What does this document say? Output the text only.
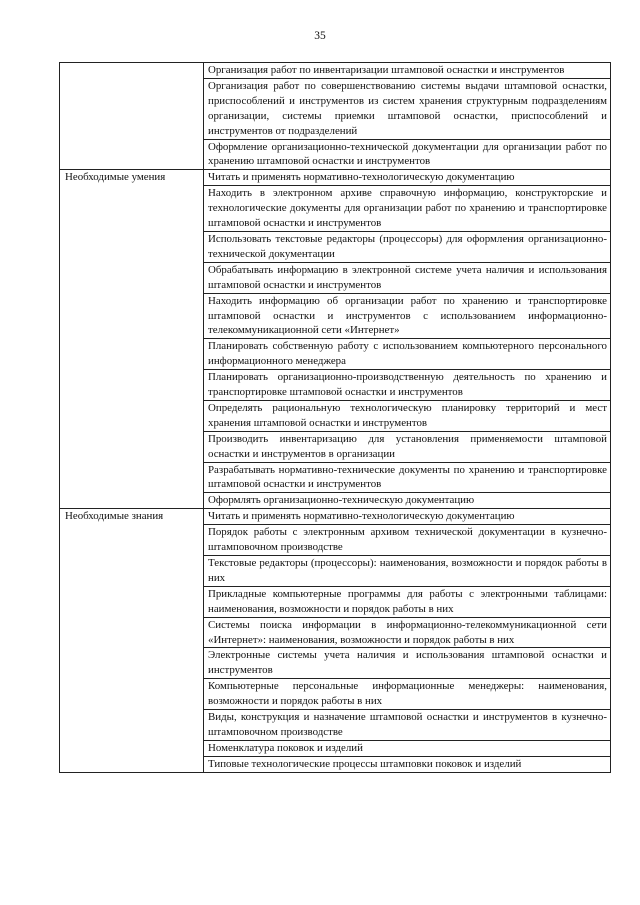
35
	Организация работ по инвентаризации штамповой оснастки и инструментов
	Организация работ по совершенствованию системы выдачи штамповой оснастки, приспособлений и инструментов из систем хранения структурным подразделениям организации, системы приемки штамповой оснастки, приспособлений и инструментов от подразделений
	Оформление организационно-технической документации для организации работ по хранению штамповой оснастки и инструментов
Необходимые умения	Читать и применять нормативно-технологическую документацию
	Находить в электронном архиве справочную информацию, конструкторские и технологические документы для организации работ по хранению и транспортировке штамповой оснастки и инструментов
	Использовать текстовые редакторы (процессоры) для оформления организационно-технической документации
	Обрабатывать информацию в электронной системе учета наличия и использования штамповой оснастки и инструментов
	Находить информацию об организации работ по хранению и транспортировке штамповой оснастки и инструментов с использованием информационно-телекоммуникационной сети «Интернет»
	Планировать собственную работу с использованием компьютерного персонального информационного менеджера
	Планировать организационно-производственную деятельность по хранению и транспортировке штамповой оснастки и инструментов
	Определять рациональную технологическую планировку территорий и мест хранения штамповой оснастки и инструментов
	Производить инвентаризацию для установления применяемости штамповой оснастки и инструментов в организации
	Разрабатывать нормативно-технические документы по хранению и транспортировке штамповой оснастки и инструментов
	Оформлять организационно-техническую документацию
Необходимые знания	Читать и применять нормативно-технологическую документацию
	Порядок работы с электронным архивом технической документации в кузнечно-штамповочном производстве
	Текстовые редакторы (процессоры): наименования, возможности и порядок работы в них
	Прикладные компьютерные программы для работы с электронными таблицами: наименования, возможности и порядок работы в них
	Системы поиска информации в информационно-телекоммуникационной сети «Интернет»: наименования, возможности и порядок работы в них
	Электронные системы учета наличия и использования штамповой оснастки и инструментов
	Компьютерные персональные информационные менеджеры: наименования, возможности и порядок работы в них
	Виды, конструкция и назначение штамповой оснастки и инструментов в кузнечно-штамповочном производстве
	Номенклатура поковок и изделий
	Типовые технологические процессы штамповки поковок и изделий
